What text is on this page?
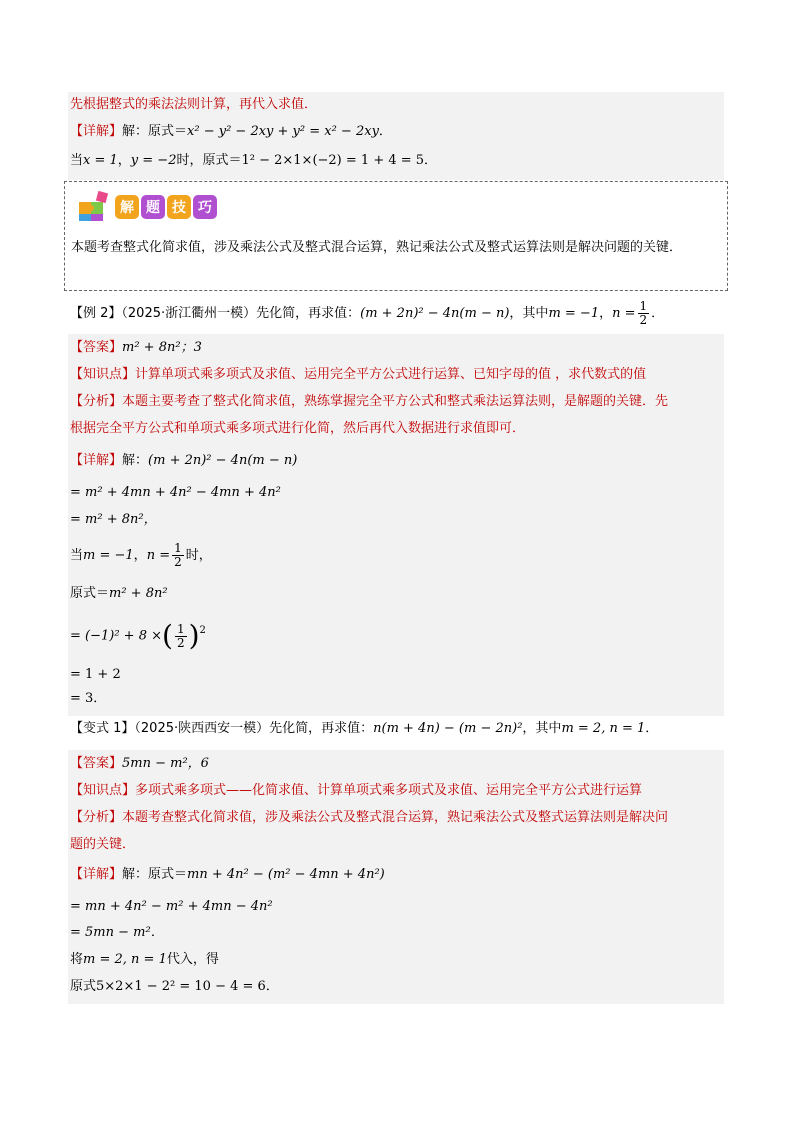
先根据整式的乘法法则计算，再代入求值．
【详解】解：原式＝x² − y² − 2xy + y² = x² − 2xy．
当x = 1，y = −2时，原式＝1² − 2×1×(−2) = 1 + 4 = 5．
解 题 技 巧
本题考查整式化简求值，涉及乘法公式及整式混合运算，熟记乘法公式及整式运算法则是解决问题的关键．
【例 2】（2025·浙江衢州一模）先化简，再求值：(m + 2n)² − 4n(m − n)，其中m = −1，$n = \frac{1}{2}$ ．
【答案】m² + 8n²；3
【知识点】计算单项式乘多项式及求值、运用完全平方公式进行运算、已知字母的值 ，求代数式的值
【分析】本题主要考查了整式化简求值，熟练掌握完全平方公式和整式乘法运算法则，是解题的关键．先
根据完全平方公式和单项式乘多项式进行化简，然后再代入数据进行求值即可．
【详解】解：(m + 2n)² − 4n(m − n)
= m² + 4mn + 4n² − 4mn + 4n²
= m² + 8n²，
当m = −1，$n = \frac{1}{2}$ 时，
原式＝m² + 8n²
= (−1)² + 8 ×( $\frac{1}{2} )^2$
= 1 + 2
= 3．
【变式 1】（2025·陕西西安一模）先化简，再求值：n(m + 4n) − (m − 2n)²，其中m = 2, n = 1．
【答案】5mn − m²，6
【知识点】多项式乘多项式——化简求值、计算单项式乘多项式及求值、运用完全平方公式进行运算
【分析】本题考查整式化简求值，涉及乘法公式及整式混合运算，熟记乘法公式及整式运算法则是解决问
题的关键．
【详解】解：原式＝mn + 4n² − (m² − 4mn + 4n²)
= mn + 4n² − m² + 4mn − 4n²
= 5mn − m²．
将m = 2, n = 1代入，得
原式5×2×1 − 2² = 10 − 4 = 6．
